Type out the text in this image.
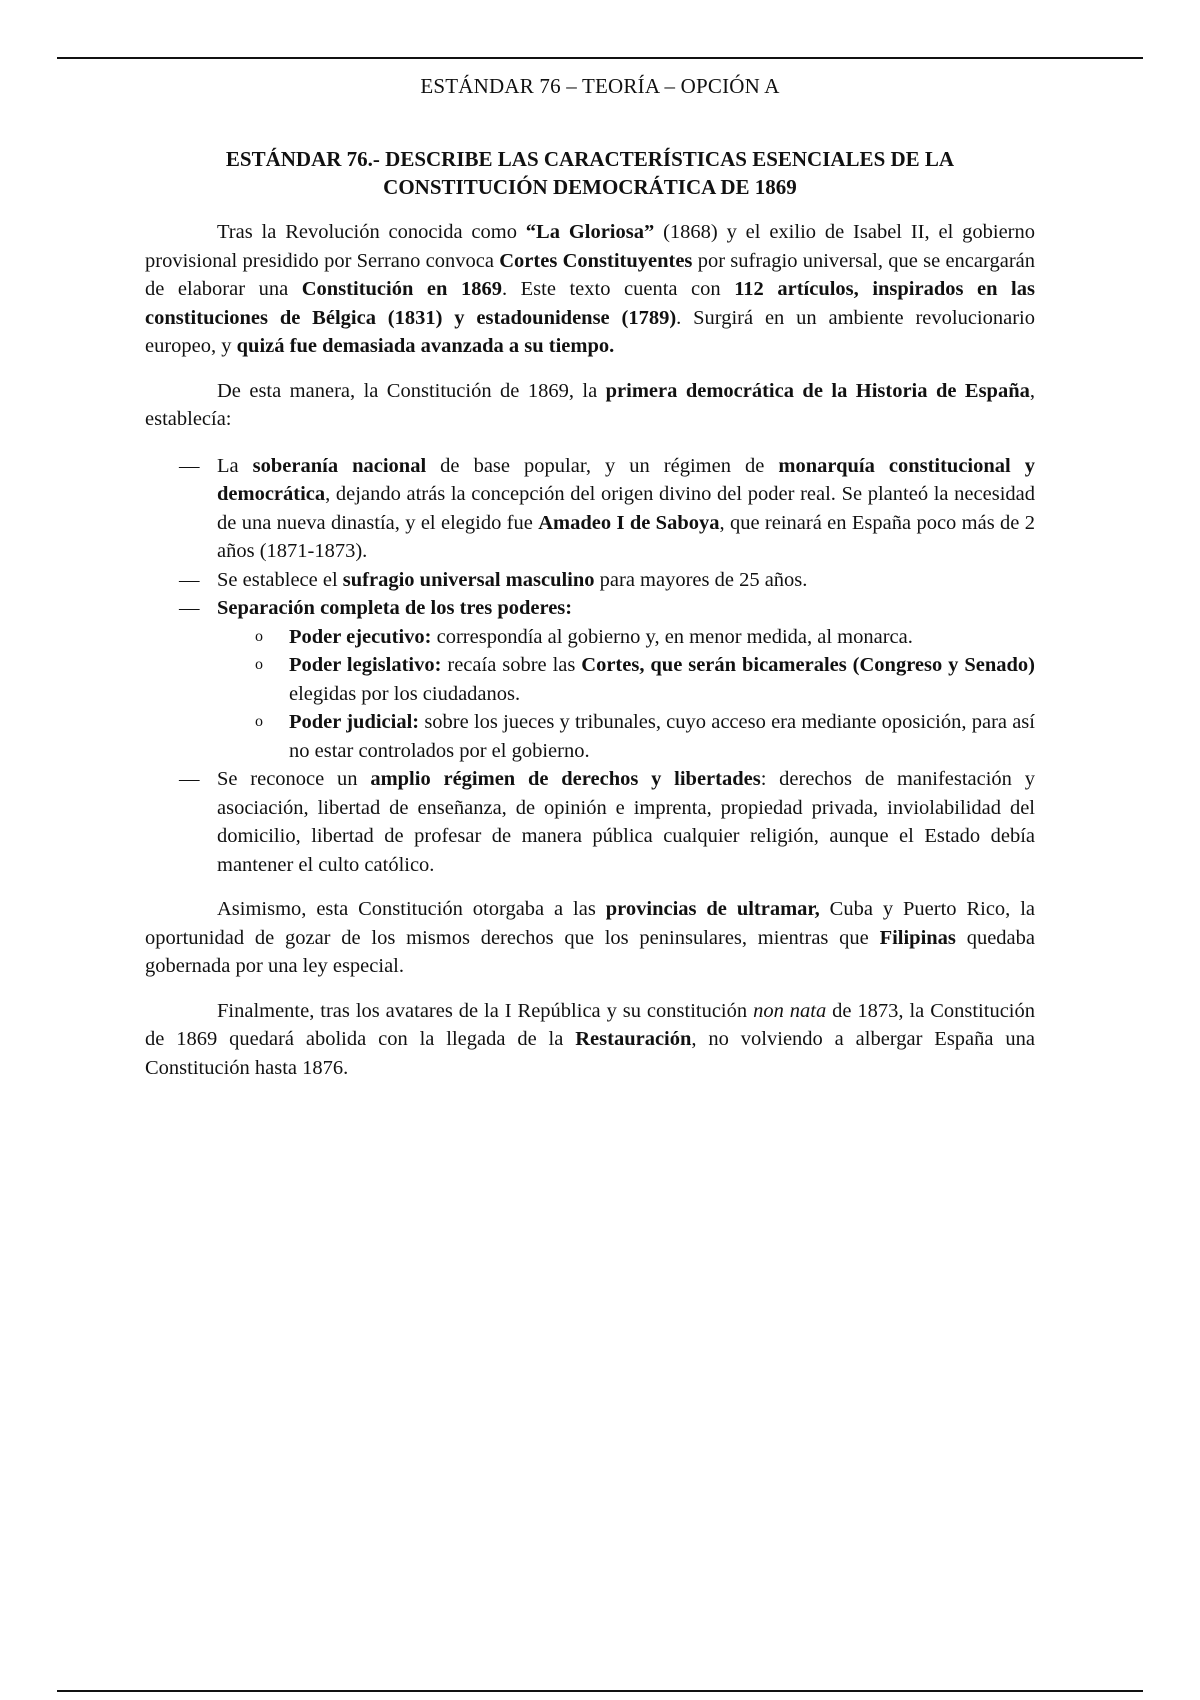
ESTÁNDAR 76 – TEORÍA – OPCIÓN A
ESTÁNDAR 76.- DESCRIBE LAS CARACTERÍSTICAS ESENCIALES DE LA
CONSTITUCIÓN DEMOCRÁTICA DE 1869

Tras la Revolución conocida como “La Gloriosa” (1868) y el exilio de Isabel II, el gobierno provisional presidido por Serrano convoca Cortes Constituyentes por sufragio universal, que se encargarán de elaborar una Constitución en 1869. Este texto cuenta con 112 artículos, inspirados en las constituciones de Bélgica (1831) y estadounidense (1789). Surgirá en un ambiente revolucionario europeo, y quizá fue demasiada avanzada a su tiempo.

De esta manera, la Constitución de 1869, la primera democrática de la Historia de España, establecía:

— La soberanía nacional de base popular, y un régimen de monarquía constitucional y democrática, dejando atrás la concepción del origen divino del poder real. Se planteó la necesidad de una nueva dinastía, y el elegido fue Amadeo I de Saboya, que reinará en España poco más de 2 años (1871-1873).
— Se establece el sufragio universal masculino para mayores de 25 años.
— Separación completa de los tres poderes:
o Poder ejecutivo: correspondía al gobierno y, en menor medida, al monarca.
o Poder legislativo: recaía sobre las Cortes, que serán bicamerales (Congreso y Senado) elegidas por los ciudadanos.
o Poder judicial: sobre los jueces y tribunales, cuyo acceso era mediante oposición, para así no estar controlados por el gobierno.
— Se reconoce un amplio régimen de derechos y libertades: derechos de manifestación y asociación, libertad de enseñanza, de opinión e imprenta, propiedad privada, inviolabilidad del domicilio, libertad de profesar de manera pública cualquier religión, aunque el Estado debía mantener el culto católico.

Asimismo, esta Constitución otorgaba a las provincias de ultramar, Cuba y Puerto Rico, la oportunidad de gozar de los mismos derechos que los peninsulares, mientras que Filipinas quedaba gobernada por una ley especial.

Finalmente, tras los avatares de la I República y su constitución non nata de 1873, la Constitución de 1869 quedará abolida con la llegada de la Restauración, no volviendo a albergar España una Constitución hasta 1876.
